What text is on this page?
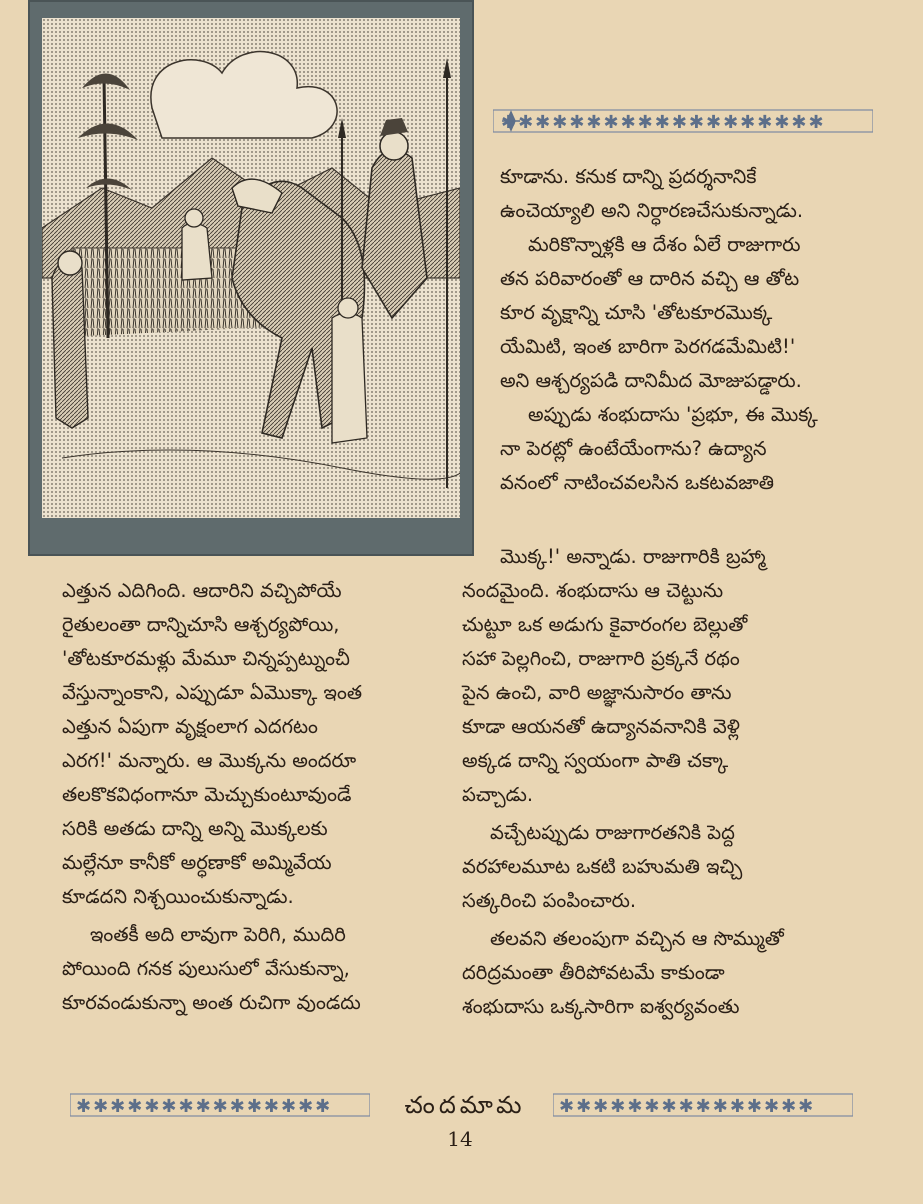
✱✱✱✱✱✱✱✱✱✱✱✱✱✱✱✱✱✱✱
కూడాను. కనుక దాన్ని ప్రదర్శనానికే
ఉంచెయ్యాలి అని నిర్ధారణచేసుకున్నాడు.
మరికొన్నాళ్లకి ఆ దేశం ఏలే రాజుగారు
తన పరివారంతో ఆ దారిన వచ్చి ఆ తోట
కూర వృక్షాన్ని చూసి 'తోటకూరమొక్క
యేమిటి, ఇంత బారిగా పెరగడమేమిటి!'
అని ఆశ్చర్యపడి దానిమీద మోజుపడ్డారు.
అప్పుడు శంభుదాసు 'ప్రభూ, ఈ మొక్క
నా పెరట్లో ఉంటేయేంగాను? ఉద్యాన
వనంలో నాటించవలసిన ఒకటవజాతి
మొక్క!' అన్నాడు. రాజుగారికి బ్రహ్మా
నందమైంది. శంభుదాసు ఆ చెట్టును
చుట్టూ ఒక అడుగు కైవారంగల బెల్లుతో
సహా పెల్లగించి, రాజుగారి ప్రక్కనే రథం
పైన ఉంచి, వారి అజ్ఞానుసారం తాను
కూడా ఆయనతో ఉద్యానవనానికి వెళ్లి
అక్కడ దాన్ని స్వయంగా పాతి చక్కా
పచ్చాడు.
వచ్చేటప్పుడు రాజుగారతనికి పెద్ద
వరహాలమూట ఒకటి బహుమతి ఇచ్చి
సత్కరించి పంపించారు.
తలవని తలంపుగా వచ్చిన ఆ సొమ్ముతో
దరిద్రమంతా తీరిపోవటమే కాకుండా
శంభుదాసు ఒక్కసారిగా ఐశ్వర్యవంతు
ఎత్తున ఎదిగింది. ఆదారిని వచ్చిపోయే
రైతులంతా దాన్నిచూసి ఆశ్చర్యపోయి,
'తోటకూరమళ్లు మేమూ చిన్నప్పట్నుంచీ
వేస్తున్నాంకాని, ఎప్పుడూ ఏమొక్కా ఇంత
ఎత్తున ఏపుగా వృక్షంలాగ ఎదగటం
ఎరగ!' మన్నారు. ఆ మొక్కను అందరూ
తలకొకవిధంగానూ మెచ్చుకుంటూవుండే
సరికి అతడు దాన్ని అన్ని మొక్కలకు
మల్లేనూ కానీకో అర్ధణాకో అమ్మివేయ
కూడదని నిశ్చయించుకున్నాడు.
ఇంతకీ అది లావుగా పెరిగి, ముదిరి
పోయింది గనక పులుసులో వేసుకున్నా,
కూరవండుకున్నా అంత రుచిగా వుండదు
✱✱✱✱✱✱✱✱✱✱✱✱✱✱✱	చందమామ	✱✱✱✱✱✱✱✱✱✱✱✱✱✱✱
14
